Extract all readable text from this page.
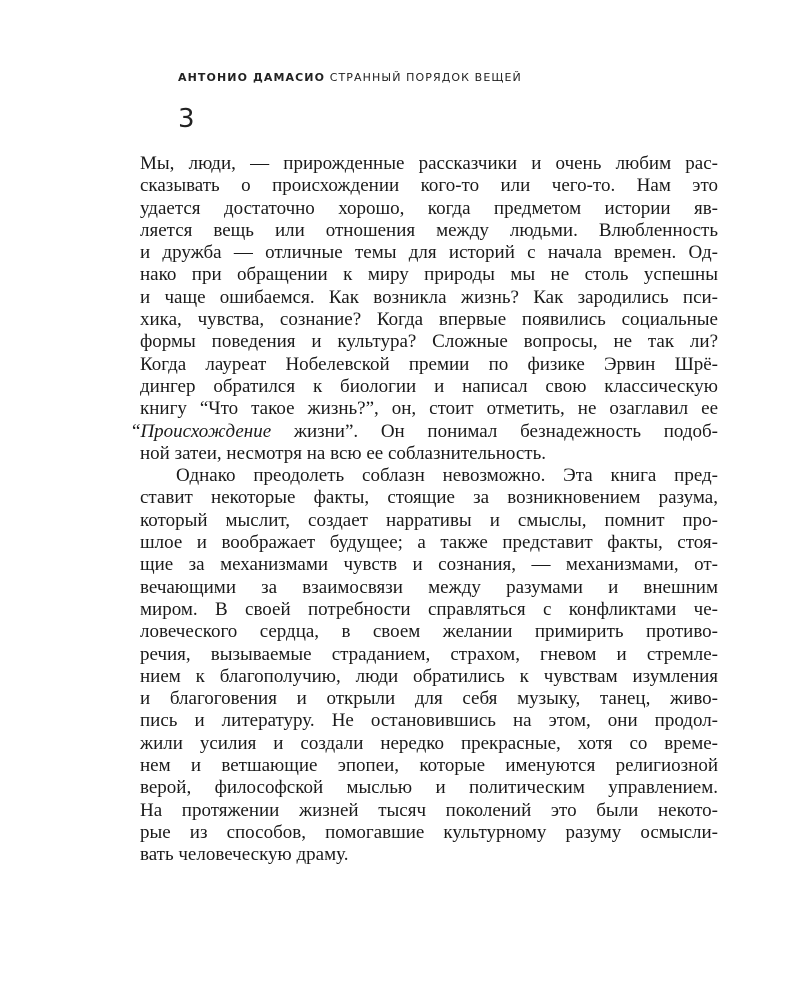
АНТОНИО ДАМАСИО СТРАННЫЙ ПОРЯДОК ВЕЩЕЙ
3
Мы, люди, — прирожденные рассказчики и очень любим рас-
сказывать о происхождении кого-то или чего-то. Нам это
удается достаточно хорошо, когда предметом истории яв-
ляется вещь или отношения между людьми. Влюбленность
и дружба — отличные темы для историй с начала времен. Од-
нако при обращении к миру природы мы не столь успешны
и чаще ошибаемся. Как возникла жизнь? Как зародились пси-
хика, чувства, сознание? Когда впервые появились социальные
формы поведения и культура? Сложные вопросы, не так ли?
Когда лауреат Нобелевской премии по физике Эрвин Шрё-
дингер обратился к биологии и написал свою классическую
книгу “Что такое жизнь?”, он, стоит отметить, не озаглавил ее
“Происхождение жизни”. Он понимал безнадежность подоб-
ной затеи, несмотря на всю ее соблазнительность.
Однако преодолеть соблазн невозможно. Эта книга пред-
ставит некоторые факты, стоящие за возникновением разума,
который мыслит, создает нарративы и смыслы, помнит про-
шлое и воображает будущее; а также представит факты, стоя-
щие за механизмами чувств и сознания, — механизмами, от-
вечающими за взаимосвязи между разумами и внешним
миром. В своей потребности справляться с конфликтами че-
ловеческого сердца, в своем желании примирить противо-
речия, вызываемые страданием, страхом, гневом и стремле-
нием к благополучию, люди обратились к чувствам изумления
и благоговения и открыли для себя музыку, танец, живо-
пись и литературу. Не остановившись на этом, они продол-
жили усилия и создали нередко прекрасные, хотя со време-
нем и ветшающие эпопеи, которые именуются религиозной
верой, философской мыслью и политическим управлением.
На протяжении жизней тысяч поколений это были некото-
рые из способов, помогавшие культурному разуму осмысли-
вать человеческую драму.
